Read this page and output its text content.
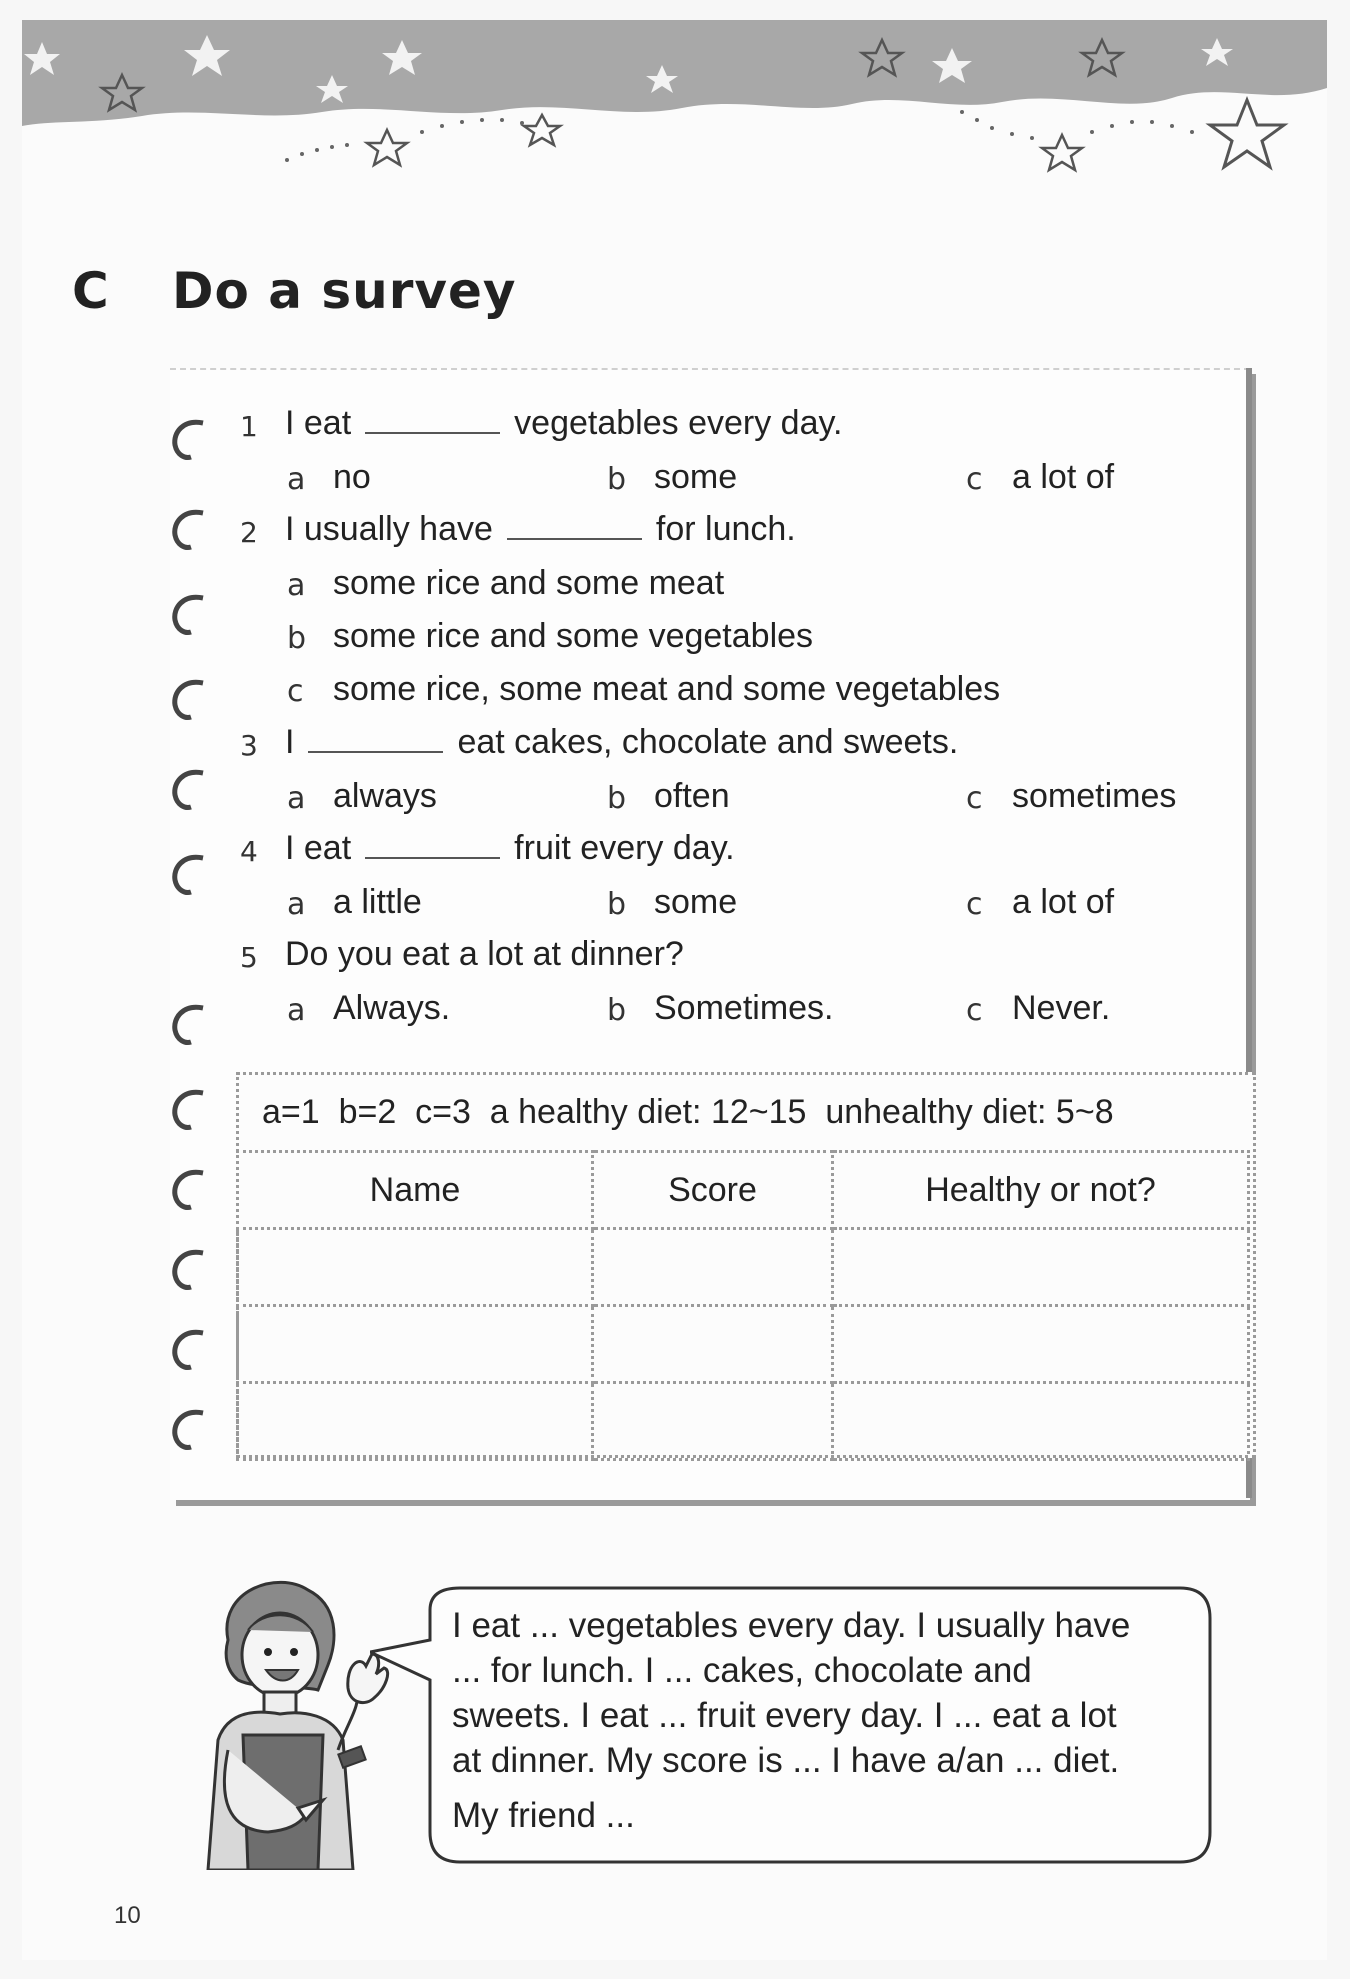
C Do a survey
1 I eat	vegetables every day.
a no	b some	c a lot of
2 I usually have	for lunch.
a some rice and some meat
b some rice and some vegetables
c some rice, some meat and some vegetables
3 I	eat cakes, chocolate and sweets.
a always	b often	c sometimes
4 I eat	fruit every day.
a a little	b some	c a lot of
5 Do you eat a lot at dinner?
a Always.	b Sometimes.	c Never.
a=1  b=2  c=3  a healthy diet: 12~15  unhealthy diet: 5~8
Name	Score	Healthy or not?

I eat ... vegetables every day. I usually have

... for lunch. I ... cakes, chocolate and

sweets. I eat ... fruit every day. I ... eat a lot

at dinner. My score is ... I have a/an ... diet.

My friend ...

10
